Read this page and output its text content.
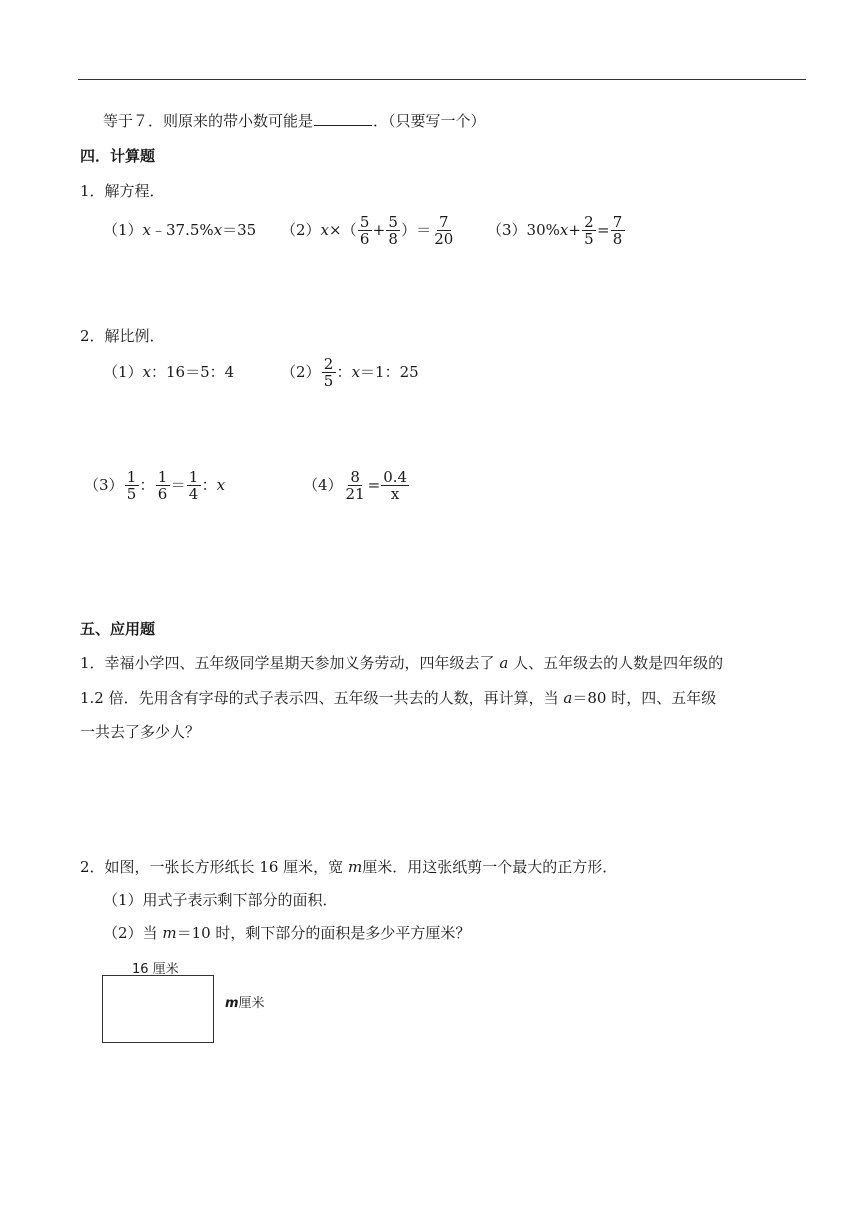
等于７．则原来的带小数可能是	．（只要写一个）
四．计算题
1．解方程．
（1） x ﹣37.5% x ＝35 （2） x ×（ $\frac{5}{6} + \frac{5}{8}$ ）＝ $\frac{7}{20} (3)30\%$ $x + \frac{2}{5} = \frac{7}{8}$
2．解比例．
（1） x ：16＝5：4	$(2) \frac{2}{5}$ ： x ＝1：25
$(3) \frac{1}{5}$ ： $\frac{1}{6} = \frac{1}{4}$ ： x	$(4) \frac{8}{21} = \frac{0.4}{x}$
五、应用题
1．幸福小学四、五年级同学星期天参加义务劳动，四年级去了 a 人、五年级去的人数是四年级的
1.2 倍．先用含有字母的式子表示四、五年级一共去的人数，再计算，当 a＝80 时，四、五年级
一共去了多少人？
2．如图，一张长方形纸长 16 厘米，宽 m厘米．用这张纸剪一个最大的正方形．
（1）用式子表示剩下部分的面积．
（2）当 m＝10 时，剩下部分的面积是多少平方厘米？
16 厘米
m厘米
